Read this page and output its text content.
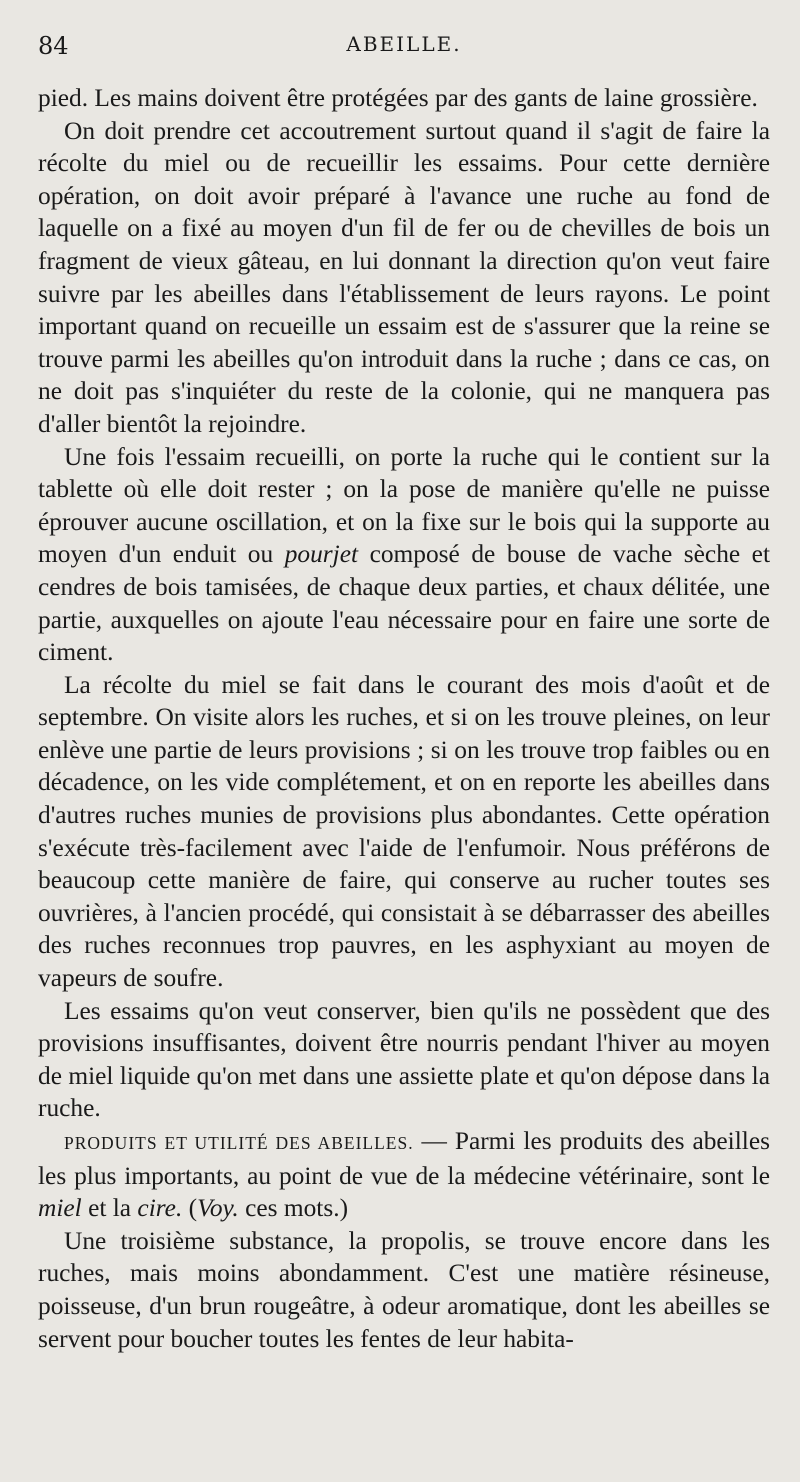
84	ABEILLE.

pied. Les mains doivent être protégées par des gants de laine grossière.

On doit prendre cet accoutrement surtout quand il s'agit de faire la récolte du miel ou de recueillir les essaims. Pour cette dernière opération, on doit avoir préparé à l'avance une ruche au fond de laquelle on a fixé au moyen d'un fil de fer ou de chevilles de bois un fragment de vieux gâteau, en lui donnant la direction qu'on veut faire suivre par les abeilles dans l'établissement de leurs rayons. Le point important quand on recueille un essaim est de s'assurer que la reine se trouve parmi les abeilles qu'on introduit dans la ruche ; dans ce cas, on ne doit pas s'inquiéter du reste de la colonie, qui ne manquera pas d'aller bientôt la rejoindre.

Une fois l'essaim recueilli, on porte la ruche qui le contient sur la tablette où elle doit rester ; on la pose de manière qu'elle ne puisse éprouver aucune oscillation, et on la fixe sur le bois qui la supporte au moyen d'un enduit ou pourjet composé de bouse de vache sèche et cendres de bois tamisées, de chaque deux parties, et chaux délitée, une partie, auxquelles on ajoute l'eau nécessaire pour en faire une sorte de ciment.

La récolte du miel se fait dans le courant des mois d'août et de septembre. On visite alors les ruches, et si on les trouve pleines, on leur enlève une partie de leurs provisions ; si on les trouve trop faibles ou en décadence, on les vide complétement, et on en reporte les abeilles dans d'autres ruches munies de provisions plus abondantes. Cette opération s'exécute très-facilement avec l'aide de l'enfumoir. Nous préférons de beaucoup cette manière de faire, qui conserve au rucher toutes ses ouvrières, à l'ancien procédé, qui consistait à se débarrasser des abeilles des ruches reconnues trop pauvres, en les asphyxiant au moyen de vapeurs de soufre.

Les essaims qu'on veut conserver, bien qu'ils ne possèdent que des provisions insuffisantes, doivent être nourris pendant l'hiver au moyen de miel liquide qu'on met dans une assiette plate et qu'on dépose dans la ruche.

PRODUITS ET UTILITÉ DES ABEILLES. — Parmi les produits des abeilles les plus importants, au point de vue de la médecine vétérinaire, sont le miel et la cire. (Voy. ces mots.)

Une troisième substance, la propolis, se trouve encore dans les ruches, mais moins abondamment. C'est une matière résineuse, poisseuse, d'un brun rougeâtre, à odeur aromatique, dont les abeilles se servent pour boucher toutes les fentes de leur habita-
